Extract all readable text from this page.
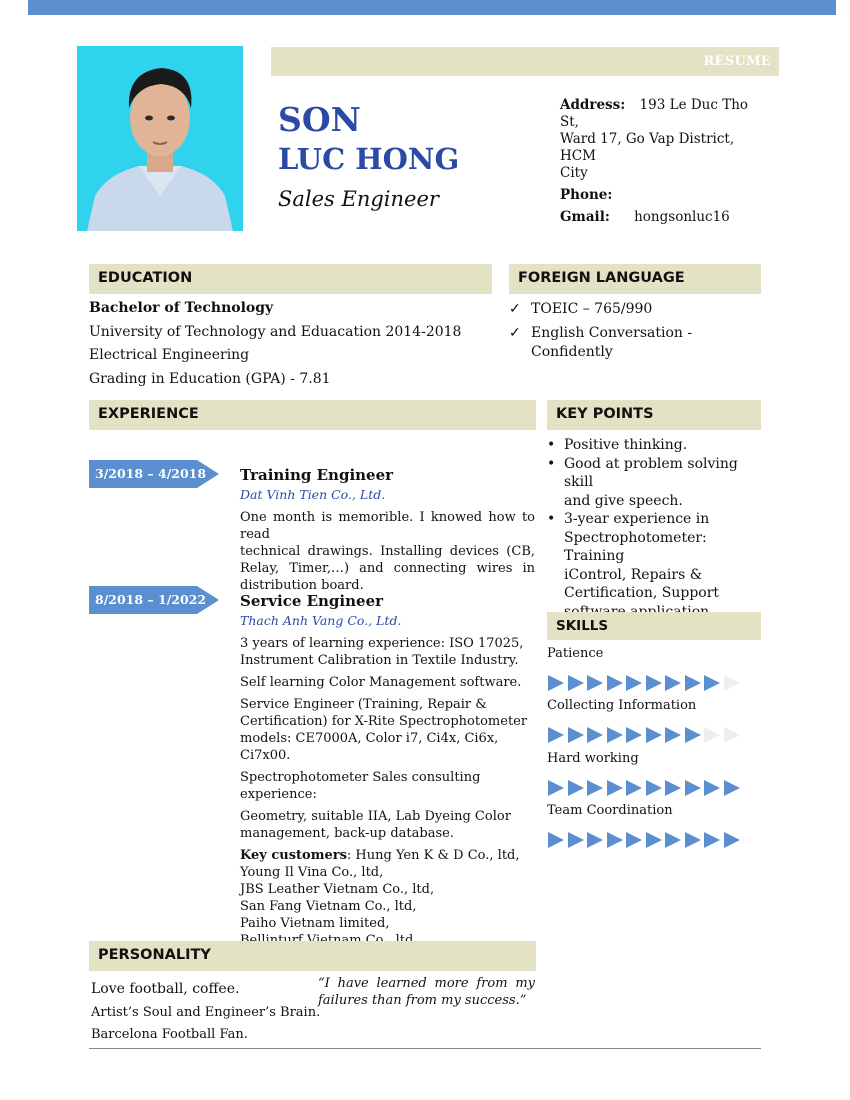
RESUME
SON
LUC HONG
Sales Engineer
Address: 193 Le Duc Tho St,
Ward 17, Go Vap District, HCM
City
Phone:
Gmail: hongsonluc16
EDUCATION
Bachelor of Technology
University of Technology and Eduacation 2014-2018
Electrical Engineering
Grading in Education (GPA) - 7.81
FOREIGN LANGUAGE
✓ TOEIC – 765/990
✓ English Conversation -
Confidently
EXPERIENCE
3/2018 – 4/2018 Training Engineer
Dat Vinh Tien Co., Ltd.
One month is memorible. I knowed how to read
technical drawings. Installing devices (CB,
Relay, Timer,…) and connecting wires in
distribution board.
8/2018 – 1/2022 Service Engineer
Thach Anh Vang Co., Ltd.
3 years of learning experience: ISO 17025,
Instrument Calibration in Textile Industry.
Self learning Color Management software.
Service Engineer (Training, Repair &
Certification) for X-Rite Spectrophotometer
models: CE7000A, Color i7, Ci4x, Ci6x, Ci7x00.
Spectrophotometer Sales consulting experience:
Geometry, suitable IIA, Lab Dyeing Color
management, back-up database.
Key customers: Hung Yen K & D Co., ltd,
Young Il Vina Co., ltd,
JBS Leather Vietnam Co., ltd,
San Fang Vietnam Co., ltd,
Paiho Vietnam limited,
KEY POINTS
• Positive thinking.
• Good at problem solving skill
and give speech.
• 3-year experience in
Spectrophotometer: Training
iControl, Repairs &
Certification, Support
SKILLS
Patience
Collecting Information
Hard working
Team Coordination
PERSONALITY
Love football, coffee.
Artist’s Soul and Engineer’s Brain.
Barcelona Football Fan.
“I have learned more from my
failures than from my success.”
